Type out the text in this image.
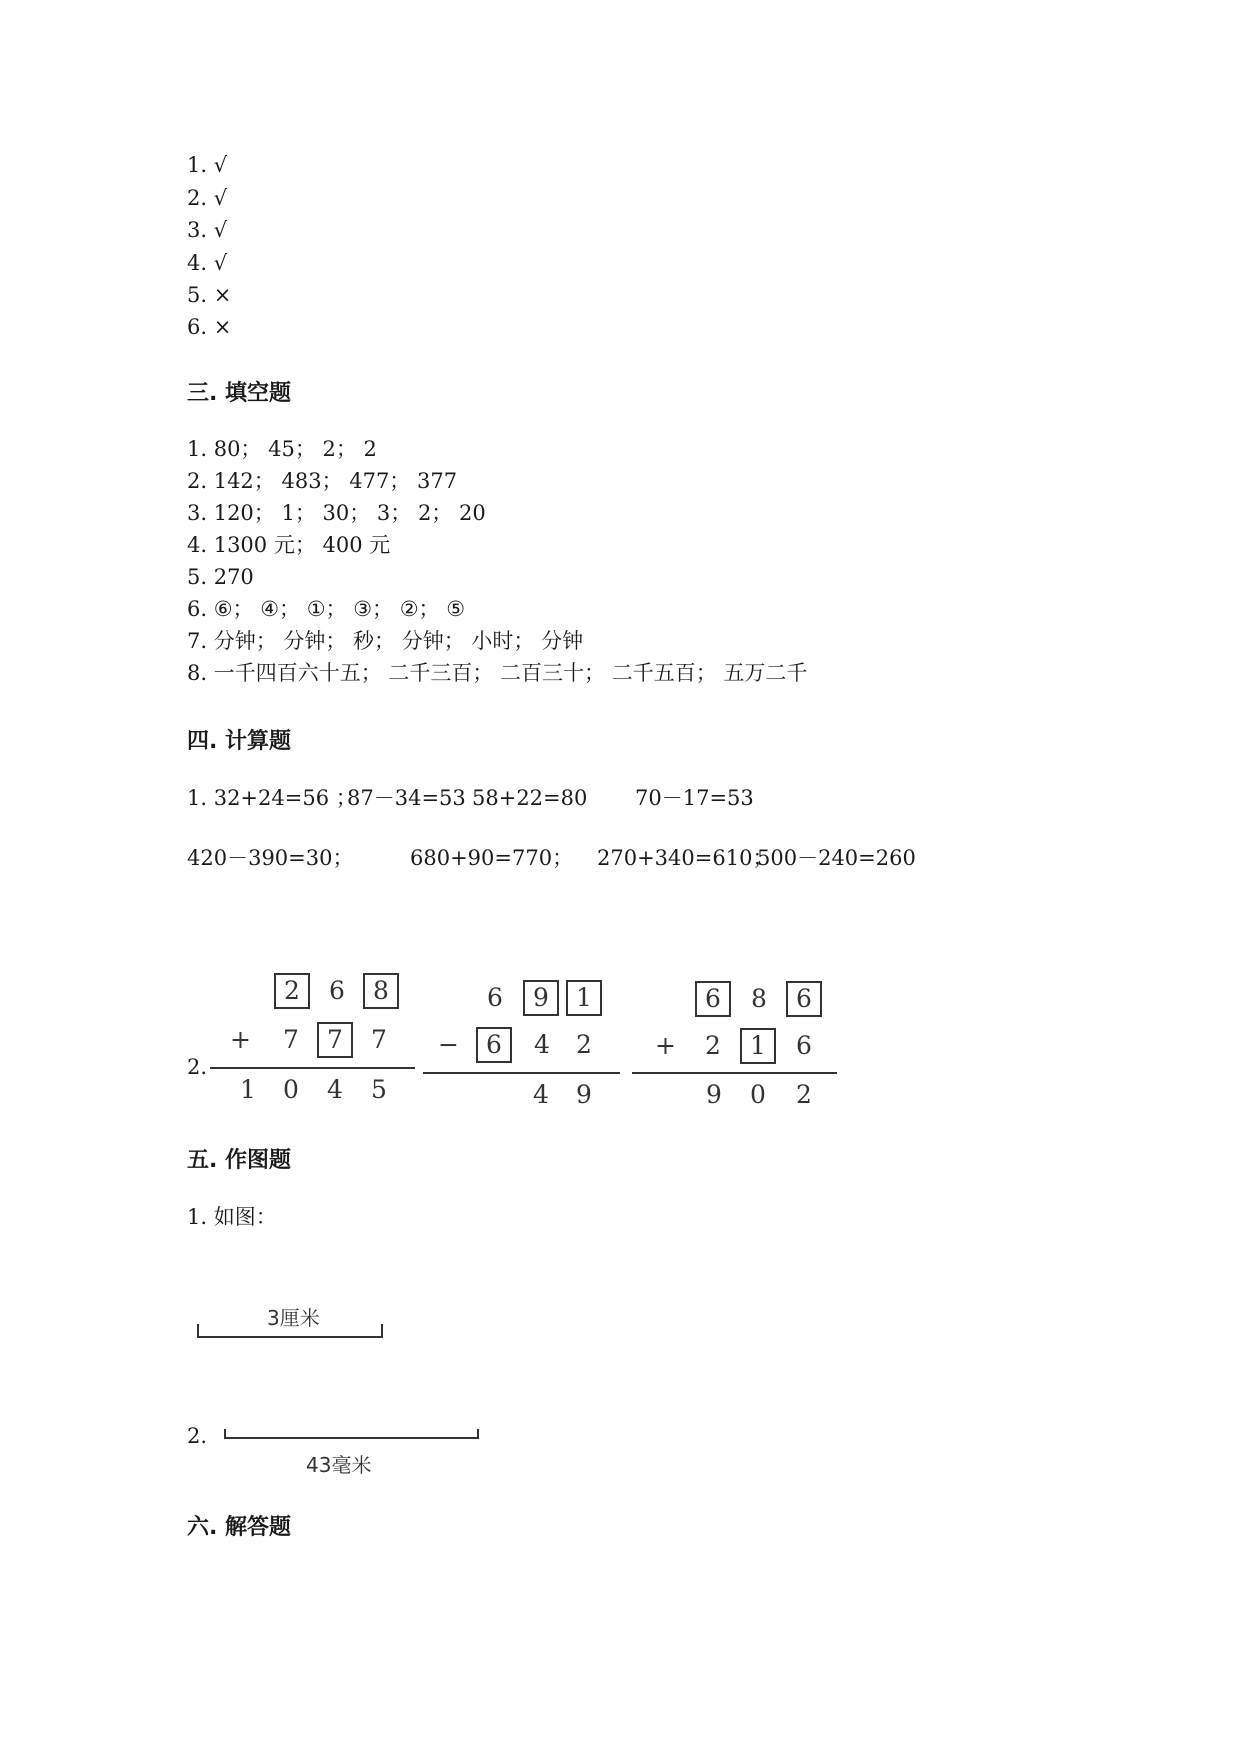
1. √
2. √
3. √
4. √
5. ×
6. ×
三. 填空题
1. 80； 45； 2； 2
2. 142； 483； 477； 377
3. 120； 1； 30； 3； 2； 20
4. 1300 元； 400 元
5. 270
6. ⑥； ④； ①； ③； ②； ⑤
7. 分钟； 分钟； 秒； 分钟； 小时； 分钟
8. 一千四百六十五； 二千三百； 二百三十； 二千五百； 五万二千
四. 计算题
1. 32+24=56 ；
87－34=53 58+22=80 70－17=53
420－390=30；	680+90=770； 270+340=610；
500－240=260
2.
2 6 8
+ 7 7 7
1 0 4 5
6 9 1
− 6 4 2
4 9
6 8 6
+ 2 1 6
9 0 2
五. 作图题
1. 如图：
3厘米
2.
43毫米
六. 解答题
